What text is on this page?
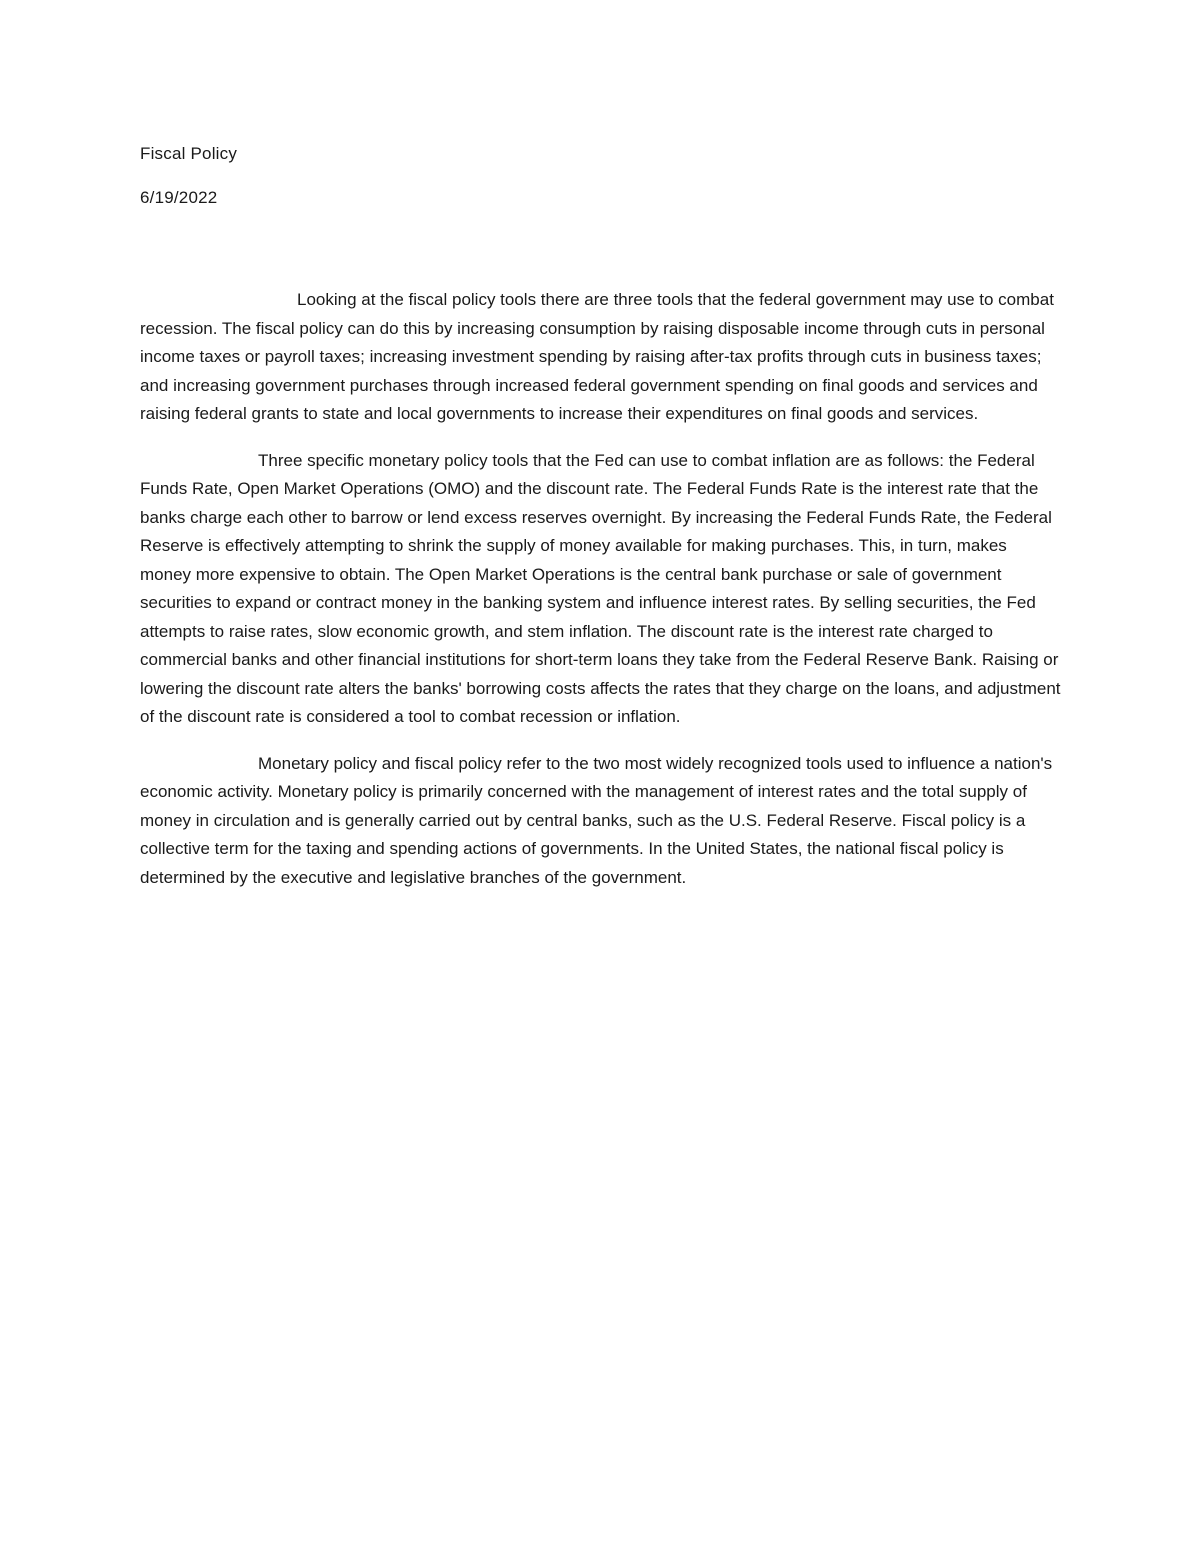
Fiscal Policy
6/19/2022

Looking at the fiscal policy tools there are three tools that the federal government may use to combat recession. The fiscal policy can do this by increasing consumption by raising disposable income through cuts in personal income taxes or payroll taxes; increasing investment spending by raising after-tax profits through cuts in business taxes; and increasing government purchases through increased federal government spending on final goods and services and raising federal grants to state and local governments to increase their expenditures on final goods and services.

Three specific monetary policy tools that the Fed can use to combat inflation are as follows: the Federal Funds Rate, Open Market Operations (OMO) and the discount rate. The Federal Funds Rate is the interest rate that the banks charge each other to barrow or lend excess reserves overnight. By increasing the Federal Funds Rate, the Federal Reserve is effectively attempting to shrink the supply of money available for making purchases. This, in turn, makes money more expensive to obtain. The Open Market Operations is the central bank purchase or sale of government securities to expand or contract money in the banking system and influence interest rates. By selling securities, the Fed attempts to raise rates, slow economic growth, and stem inflation. The discount rate is the interest rate charged to commercial banks and other financial institutions for short-term loans they take from the Federal Reserve Bank. Raising or lowering the discount rate alters the banks' borrowing costs affects the rates that they charge on the loans, and adjustment of the discount rate is considered a tool to combat recession or inflation.

Monetary policy and fiscal policy refer to the two most widely recognized tools used to influence a nation's economic activity. Monetary policy is primarily concerned with the management of interest rates and the total supply of money in circulation and is generally carried out by central banks, such as the U.S. Federal Reserve. Fiscal policy is a collective term for the taxing and spending actions of governments. In the United States, the national fiscal policy is determined by the executive and legislative branches of the government.
